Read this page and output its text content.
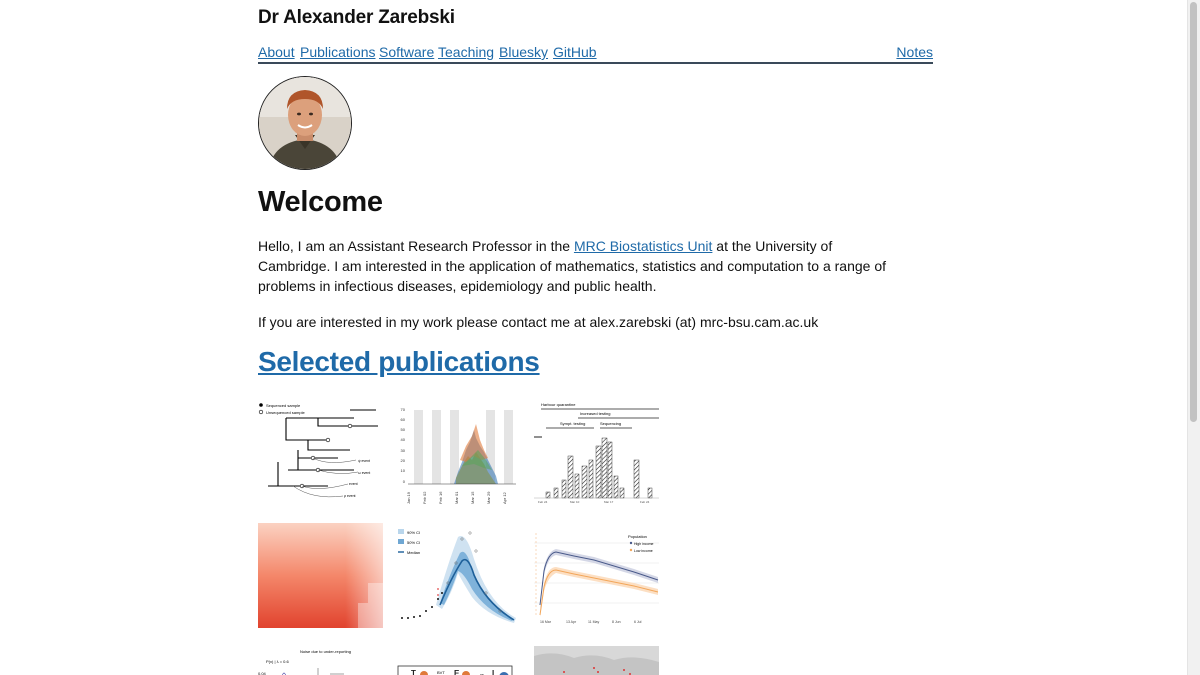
Dr Alexander Zarebski
About Publications Software Teaching Bluesky GitHub	Notes
Welcome

Hello, I am an Assistant Research Professor in the MRC Biostatistics Unit at the University of Cambridge. I am interested in the application of mathematics, statistics and computation to a range of problems in infectious diseases, epidemiology and public health.

If you are interested in my work please contact me at alex.zarebski (at) mrc-bsu.cam.ac.uk

Selected publications
Sequenced sample
Unsequenced sample
ψ event
ω event
event
ρ event
70
60
50
40
30
20
10
0
Jan 19	Feb 02	Feb 16	Mar 01	Mar 15	Mar 29	Apr 12
Harbour quarantine
Increased testing
Sympt. testing	Sequencing
Feb 24	Mar 10	Mar 17	Feb 24
90% CI
50% CI
Median
Population
High income
Low income
16 Mar	13 Apr	11 May	8 Jun	6 Jul
Noise due to under-reporting
P(x) | λ = 0.6
0.04	T	BVT E	vs I
